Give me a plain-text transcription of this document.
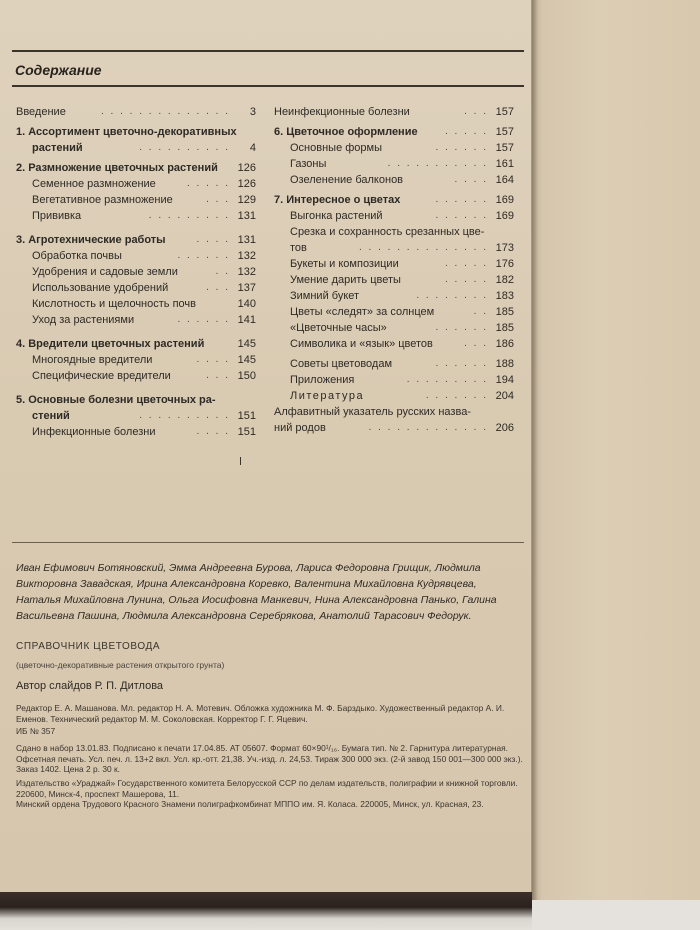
Содержание
Введение	. . . . . . . . . . . . . . 3
1. Ассортимент цветочно-декоративных
растений	. . . . . . . . . . 4
2. Размножение цветочных растений 126
Семенное размножение	. . . . . 126
Вегетативное размножение	. . . 129
Прививка	. . . . . . . . . 131
3. Агротехнические работы	. . . . 131
Обработка почвы	. . . . . . 132
Удобрения и садовые земли	. . 132
Использование удобрений	. . . 137
Кислотность и щелочность почв	140
Уход за растениями	. . . . . . 141
4. Вредители цветочных растений	145
Многоядные вредители	. . . . 145
Специфические вредители	. . . 150
5. Основные болезни цветочных ра-
стений	. . . . . . . . . . 151
Инфекционные болезни	. . . . 151
Неинфекционные болезни	. . . 157
6. Цветочное оформление	. . . . . 157
Основные формы	. . . . . . 157
Газоны	. . . . . . . . . . . 161
Озеленение балконов	. . . . 164
7. Интересное о цветах	. . . . . . 169
Выгонка растений	. . . . . . 169
Срезка и сохранность срезанных цве-
тов	. . . . . . . . . . . . . . 173
Букеты и композиции	. . . . . 176
Умение дарить цветы	. . . . . 182
Зимний букет	. . . . . . . . 183
Цветы «следят» за солнцем	. . 185
«Цветочные часы»	. . . . . . 185
Символика и «язык» цветов	. . . 186
Советы цветоводам	. . . . . . 188
Приложения	. . . . . . . . . 194
Литература	. . . . . . . 204
Алфавитный указатель русских назва-
ний родов	. . . . . . . . . . . . . 206
Иван Ефимович Ботяновский, Эмма Андреевна Бурова, Лариса Федоровна Грищик, Людмила Викторовна Завадская, Ирина Александровна Коревко, Валентина Михайловна Кудрявцева, Наталья Михайловна Лунина, Ольга Иосифовна Манкевич, Нина Александровна Панько, Галина Васильевна Пашина, Людмила Александровна Серебрякова, Анатолий Тарасович Федорук.
СПРАВОЧНИК ЦВЕТОВОДА
(цветочно-декоративные растения открытого грунта)
Автор слайдов Р. П. Дитлова
Редактор Е. А. Машанова. Мл. редактор Н. А. Мотевич. Обложка художника М. Ф. Барздыко. Художественный редактор А. И. Еменов. Технический редактор М. М. Соколовская. Корректор Г. Г. Яцевич.
ИБ № 357
Сдано в набор 13.01.83. Подписано к печати 17.04.85. АТ 05607. Формат 60×90¹/₁₆. Бумага тип. № 2. Гарнитура литературная. Офсетная печать. Усл. печ. л. 13+2 вкл. Усл. кр.-отт. 21,38. Уч.-изд. л. 24,53. Тираж 300 000 экз. (2-й завод 150 001—300 000 экз.). Заказ 1402. Цена 2 р. 30 к.
Издательство «Ураджай» Государственного комитета Белорусской ССР по делам издательств, полиграфии и книжной торговли. 220600, Минск-4, проспект Машерова, 11.
Минский ордена Трудового Красного Знамени полиграфкомбинат МППО им. Я. Коласа. 220005, Минск, ул. Красная, 23.
